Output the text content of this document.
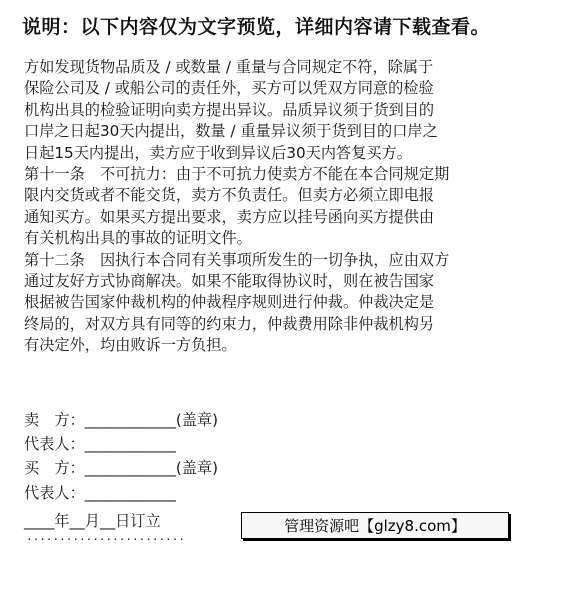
说明：以下内容仅为文字预览，详细内容请下载查看。
方如发现货物品质及 / 或数量 / 重量与合同规定不符，除属于
保险公司及 / 或船公司的责任外，买方可以凭双方同意的检验
机构出具的检验证明向卖方提出异议。品质异议须于货到目的
口岸之日起30天内提出，数量 / 重量异议须于货到目的口岸之
日起15天内提出，卖方应于收到异议后30天内答复买方。
第十一条　不可抗力：由于不可抗力使卖方不能在本合同规定期
限内交货或者不能交货，卖方不负责任。但卖方必须立即电报
通知买方。如果买方提出要求，卖方应以挂号函向买方提供由
有关机构出具的事故的证明文件。
第十二条　因执行本合同有关事项所发生的一切争执，应由双方
通过友好方式协商解决。如果不能取得协议时，则在被告国家
根据被告国家仲裁机构的仲裁程序规则进行仲裁。仲裁决定是
终局的，对双方具有同等的约束力，仲裁费用除非仲裁机构另
有决定外，均由败诉一方负担。
卖　方：____________(盖章)
代表人：____________
买　方：____________(盖章)
代表人：____________
____年__月__日订立
························
管理资源吧【glzy8.com】
